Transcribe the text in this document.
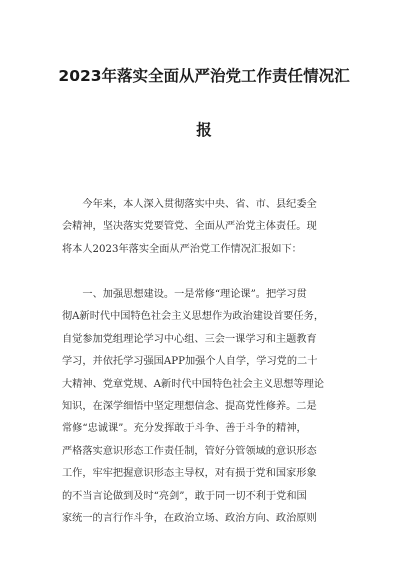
2023年落实全面从严治党工作责任情况汇
报
今年来，本人深入贯彻落实中央、省、市、县纪委全
会精神，坚决落实党要管党、全面从严治党主体责任。现
将本人2023年落实全面从严治党工作情况汇报如下：
一、加强思想建设。一是常修“理论课”。把学习贯
彻A新时代中国特色社会主义思想作为政治建设首要任务，
自觉参加党组理论学习中心组、三会一课学习和主题教育
学习，并依托学习强国APP加强个人自学，学习党的二十
大精神、党章党规、A新时代中国特色社会主义思想等理论
知识，在深学细悟中坚定理想信念、提高党性修养。二是
常修“忠诚课”。充分发挥敢于斗争、善于斗争的精神，
严格落实意识形态工作责任制，管好分管领域的意识形态
工作，牢牢把握意识形态主导权，对有损于党和国家形象
的不当言论做到及时“亮剑”，敢于同一切不利于党和国
家统一的言行作斗争，在政治立场、政治方向、政治原则
